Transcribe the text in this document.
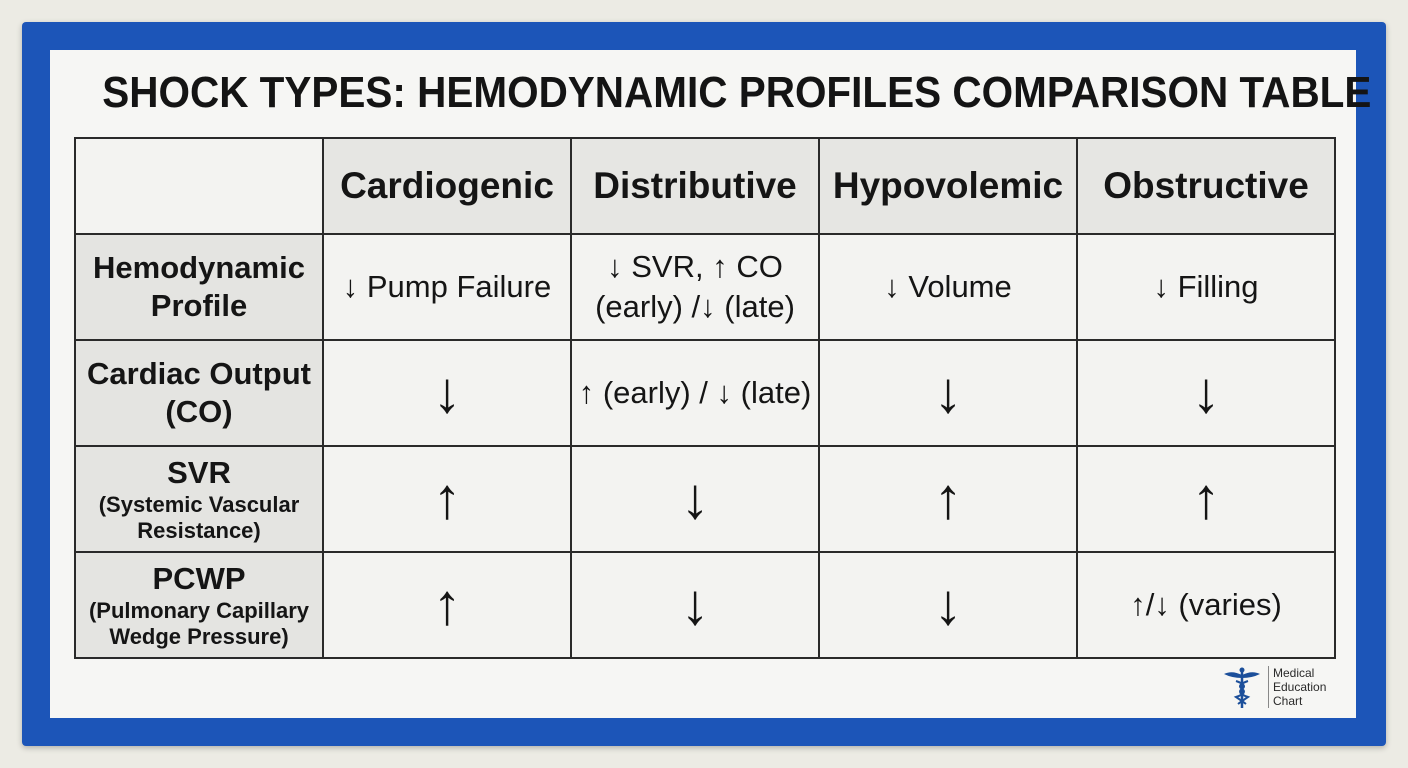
SHOCK TYPES: HEMODYNAMIC PROFILES COMPARISON TABLE
	Cardiogenic	Distributive	Hypovolemic	Obstructive

Hemodynamic Profile	↓ Pump Failure	↓ SVR, ↑ CO (early) /↓ (late)	↓ Volume	↓ Filling

Cardiac Output (CO)	↓	↑ (early) / ↓ (late)	↓	↓

SVR
(Systemic Vascular Resistance)	↑	↓	↑	↑

PCWP
(Pulmonary Capillary Wedge Pressure)	↑	↓	↓	↑/↓ (varies)
Medical
Education
Chart
